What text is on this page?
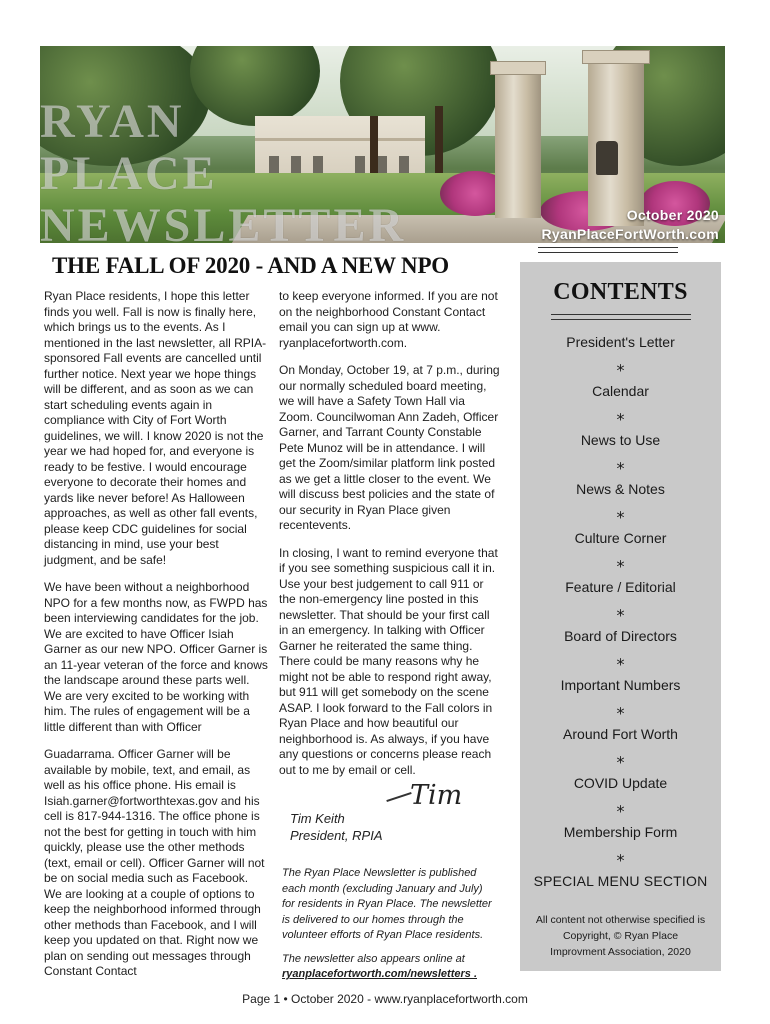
RYAN
PLACE
NEWSLETTER	October 2020
RyanPlaceFortWorth.com
THE FALL OF 2020 - AND A NEW NPO

Ryan Place residents, I hope this letter finds you well. Fall is now is finally here, which brings us to the events. As I mentioned in the last newsletter, all RPIA-sponsored Fall events are cancelled until further notice. Next year we hope things will be different, and as soon as we can start scheduling events again in compliance with City of Fort Worth guidelines, we will. I know 2020 is not the year we had hoped for, and everyone is ready to be festive. I would encourage everyone to decorate their homes and yards like never before! As Halloween approaches, as well as other fall events, please keep CDC guidelines for social distancing in mind, use your best judgment, and be safe!

We have been without a neighborhood NPO for a few months now, as FWPD has been interviewing candidates for the job. We are excited to have Officer Isiah Garner as our new NPO. Officer Garner is an 11-year veteran of the force and knows the landscape around these parts well. We are very excited to be working with him. The rules of engagement will be a little different than with Officer

Guadarrama. Officer Garner will be available by mobile, text, and email, as well as his office phone. His email is Isiah.garner@fortworthtexas.gov and his cell is 817-944-1316. The office phone is not the best for getting in touch with him quickly, please use the other methods (text, email or cell). Officer Garner will not be on social media such as Facebook. We are looking at a couple of options to keep the neighborhood informed through other methods than Facebook, and I will keep you updated on that. Right now we plan on sending out messages through Constant Contact

to keep everyone informed. If you are not on the neighborhood Constant Contact email you can sign up at www. ryanplacefortworth.com.

On Monday, October 19, at 7 p.m., during our normally scheduled board meeting, we will have a Safety Town Hall via Zoom. Councilwoman Ann Zadeh, Officer Garner, and Tarrant County Constable Pete Munoz will be in attendance. I will get the Zoom/similar platform link posted as we get a little closer to the event. We will discuss best policies and the state of our security in Ryan Place given recentevents.

In closing, I want to remind everyone that if you see something suspicious call it in. Use your best judgement to call 911 or the non-emergency line posted in this newsletter. That should be your first call in an emergency. In talking with Officer Garner he reiterated the same thing. There could be many reasons why he might not be able to respond right away, but 911 will get somebody on the scene ASAP. I look forward to the Fall colors in Ryan Place and how beautiful our neighborhood is. As always, if you have any questions or concerns please reach out to me by email or cell.

Tim
Tim Keith
President, RPIA

The Ryan Place Newsletter is published each month (excluding January and July) for residents in Ryan Place. The newsletter is delivered to our homes through the volunteer efforts of Ryan Place residents.

The newsletter also appears online at
ryanplacefortworth.com/newsletters .

CONTENTS
President's Letter
⁎
Calendar
⁎
News to Use
⁎
News & Notes
⁎
Culture Corner
⁎
Feature / Editorial
⁎
Board of Directors
⁎
Important Numbers
⁎
Around Fort Worth
⁎
COVID Update
⁎
Membership Form
⁎
SPECIAL MENU SECTION
All content not otherwise specified is
Copyright, © Ryan Place
Improvment Association, 2020
Page 1 • October 2020 - www.ryanplacefortworth.com
